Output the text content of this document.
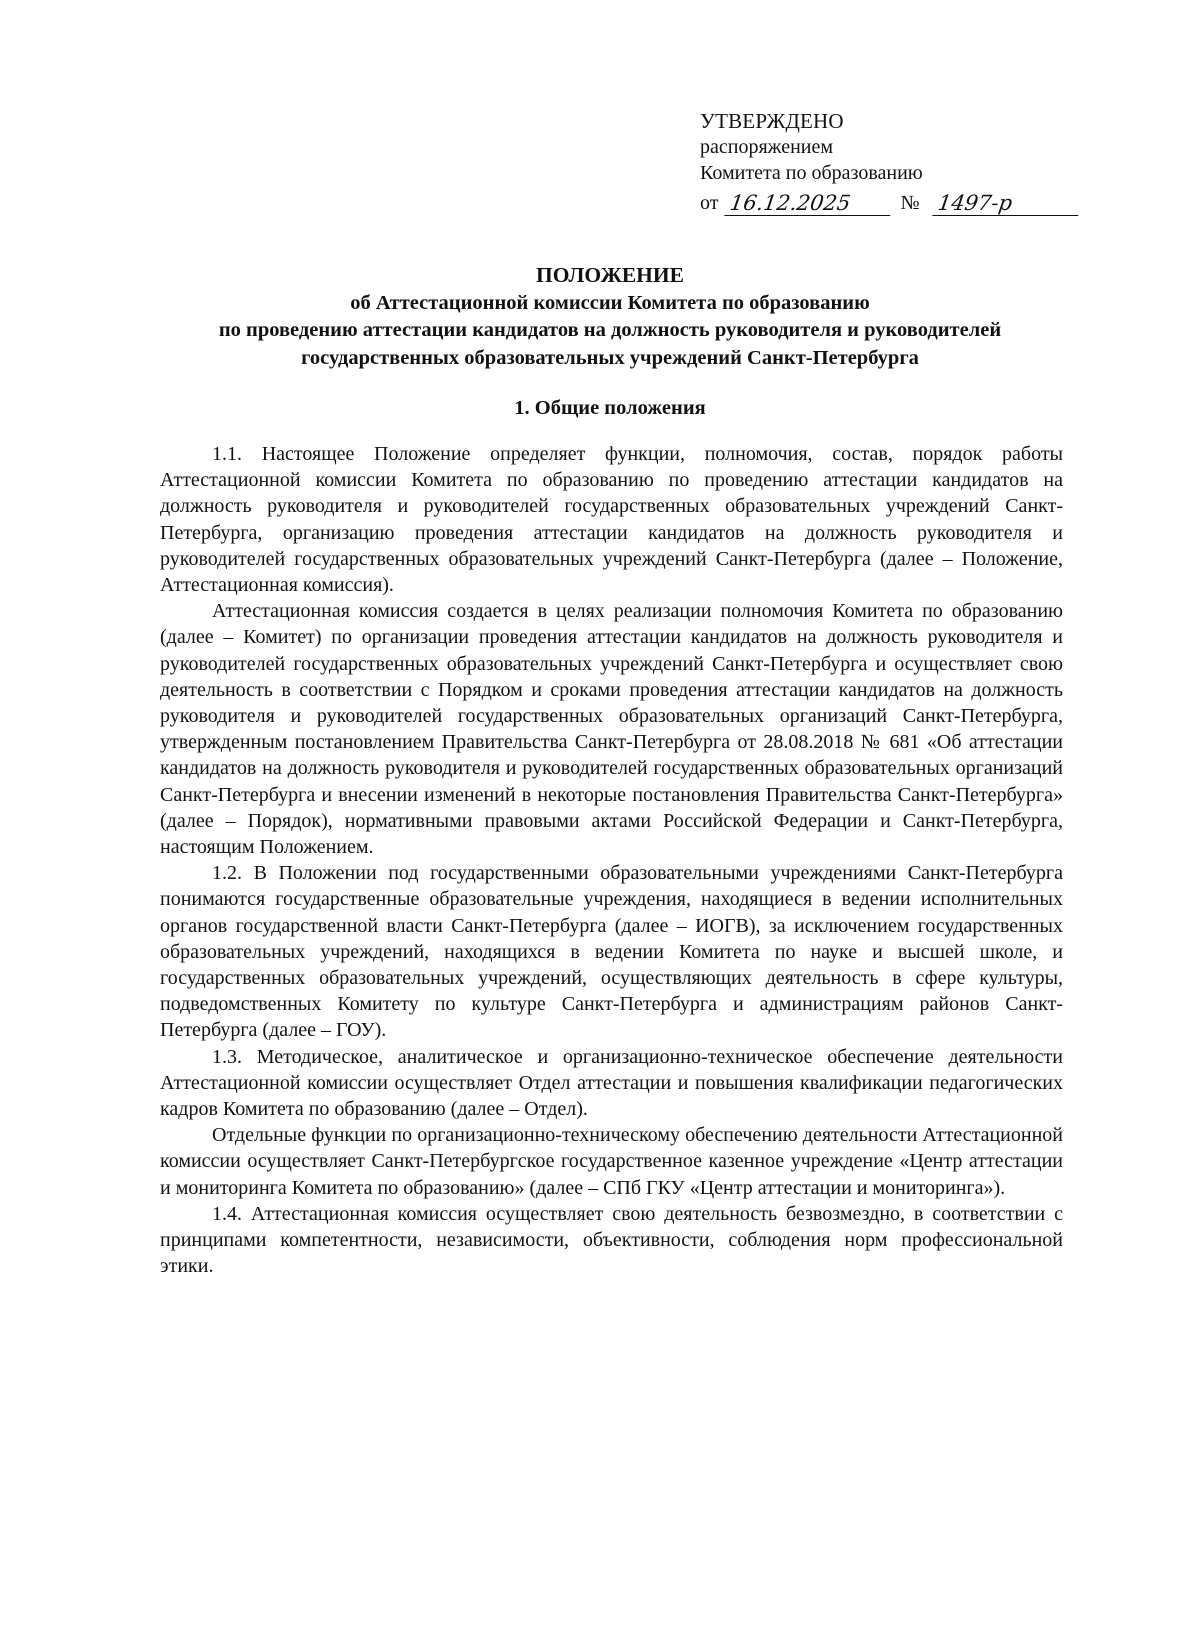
УТВЕРЖДЕНО
распоряжением
Комитета по образованию
от 16.12.2025	№ 1497-р
ПОЛОЖЕНИЕ
об Аттестационной комиссии Комитета по образованию
по проведению аттестации кандидатов на должность руководителя и руководителей
государственных образовательных учреждений Санкт-Петербурга
1. Общие положения

1.1. Настоящее Положение определяет функции, полномочия, состав, порядок работы Аттестационной комиссии Комитета по образованию по проведению аттестации кандидатов на должность руководителя и руководителей государственных образовательных учреждений Санкт-Петербурга, организацию проведения аттестации кандидатов на должность руководителя и руководителей государственных образовательных учреждений Санкт-Петербурга (далее – Положение, Аттестационная комиссия).

Аттестационная комиссия создается в целях реализации полномочия Комитета по образованию (далее – Комитет) по организации проведения аттестации кандидатов на должность руководителя и руководителей государственных образовательных учреждений Санкт-Петербурга и осуществляет свою деятельность в соответствии с Порядком и сроками проведения аттестации кандидатов на должность руководителя и руководителей государственных образовательных организаций Санкт-Петербурга, утвержденным постановлением Правительства Санкт-Петербурга от 28.08.2018 № 681 «Об аттестации кандидатов на должность руководителя и руководителей государственных образовательных организаций Санкт-Петербурга и внесении изменений в некоторые постановления Правительства Санкт-Петербурга» (далее – Порядок), нормативными правовыми актами Российской Федерации и Санкт-Петербурга, настоящим Положением.

1.2. В Положении под государственными образовательными учреждениями Санкт-Петербурга понимаются государственные образовательные учреждения, находящиеся в ведении исполнительных органов государственной власти Санкт-Петербурга (далее – ИОГВ), за исключением государственных образовательных учреждений, находящихся в ведении Комитета по науке и высшей школе, и государственных образовательных учреждений, осуществляющих деятельность в сфере культуры, подведомственных Комитету по культуре Санкт-Петербурга и администрациям районов Санкт-Петербурга (далее – ГОУ).

1.3. Методическое, аналитическое и организационно-техническое обеспечение деятельности Аттестационной комиссии осуществляет Отдел аттестации и повышения квалификации педагогических кадров Комитета по образованию (далее – Отдел).

Отдельные функции по организационно-техническому обеспечению деятельности Аттестационной комиссии осуществляет Санкт-Петербургское государственное казенное учреждение «Центр аттестации и мониторинга Комитета по образованию» (далее – СПб ГКУ «Центр аттестации и мониторинга»).

1.4. Аттестационная комиссия осуществляет свою деятельность безвозмездно, в соответствии с принципами компетентности, независимости, объективности, соблюдения норм профессиональной этики.
